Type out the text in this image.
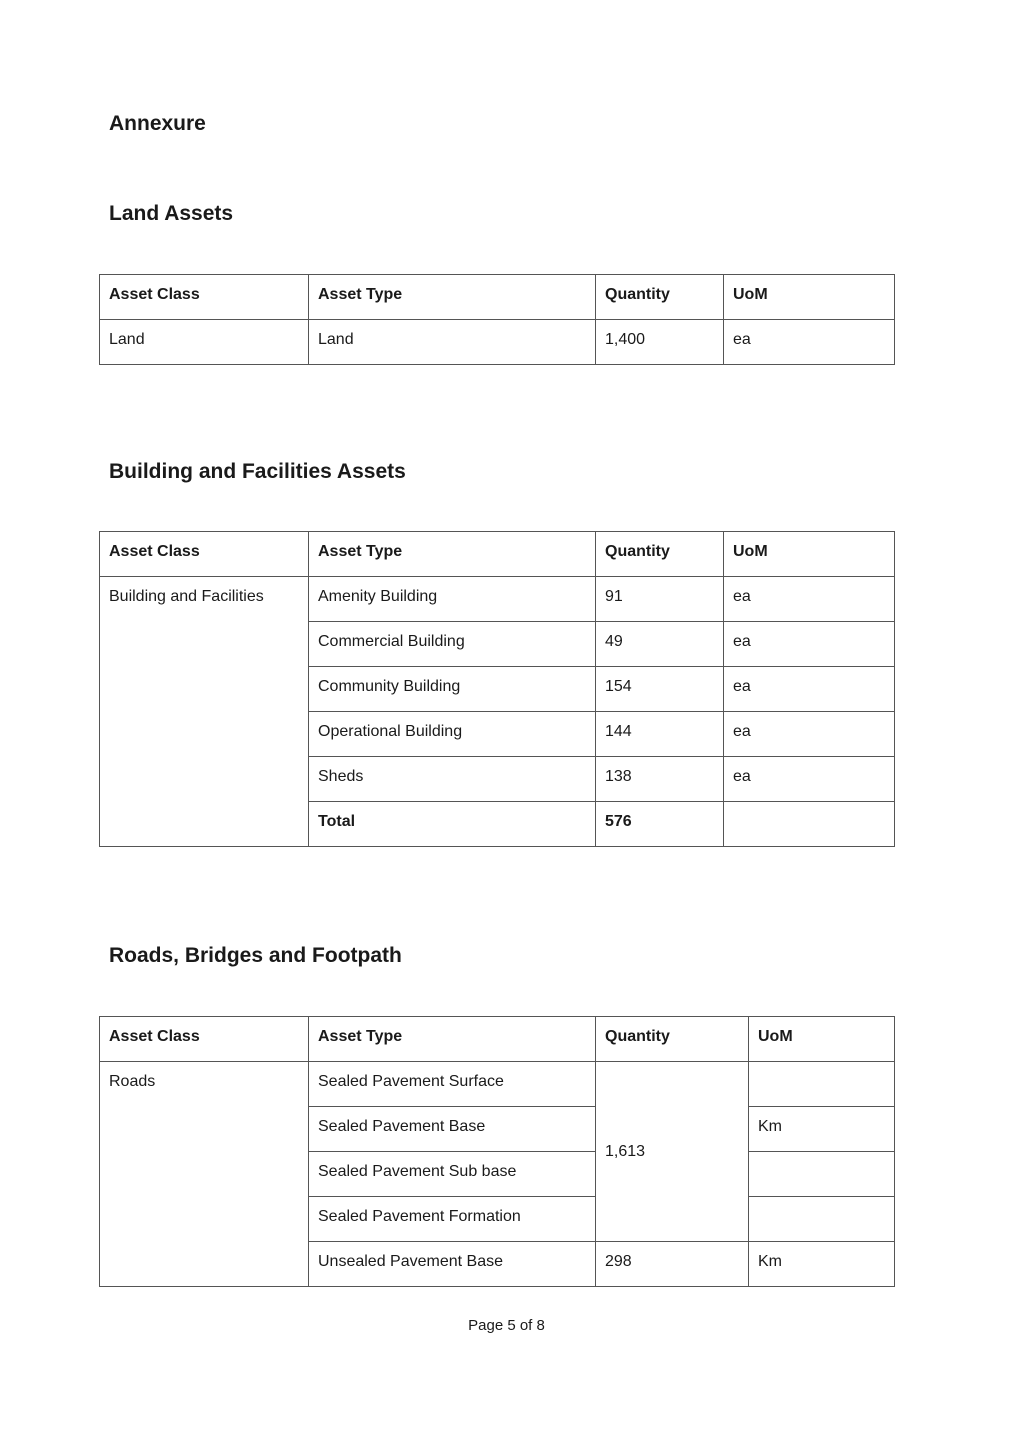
Annexure
Land Assets
Asset Class	Asset Type	Quantity	UoM
Land	Land	1,400	ea
Building and Facilities Assets
Asset Class	Asset Type	Quantity	UoM
Building and Facilities	Amenity Building	91	ea
	Commercial Building	49	ea
	Community Building	154	ea
	Operational Building	144	ea
	Sheds	138	ea
	Total	576	
Roads, Bridges and Footpath
Asset Class	Asset Type	Quantity	UoM
Roads	Sealed Pavement Surface	1,613	
	Sealed Pavement Base		Km
	Sealed Pavement Sub base		
	Sealed Pavement Formation		
	Unsealed Pavement Base	298	Km
Page 5 of 8
